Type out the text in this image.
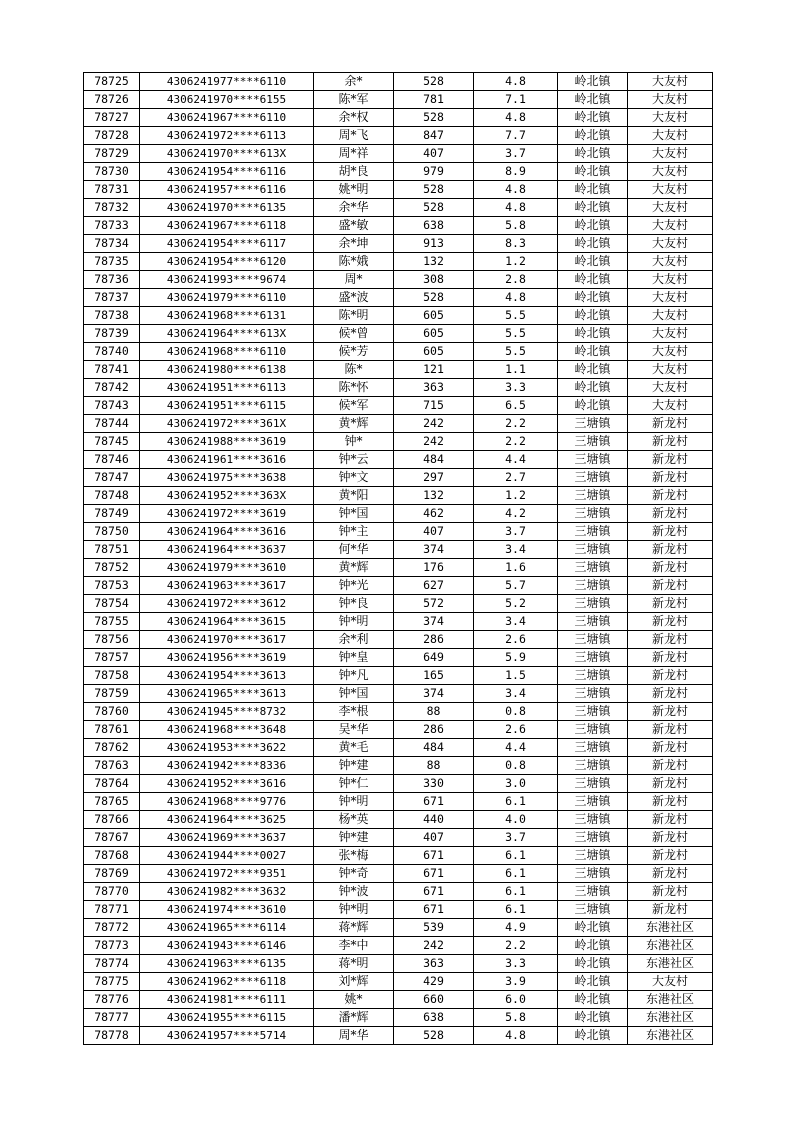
78725	4306241977****6110	余*	528	4.8	岭北镇	大友村
78726	4306241970****6155	陈*军	781	7.1	岭北镇	大友村
78727	4306241967****6110	余*权	528	4.8	岭北镇	大友村
78728	4306241972****6113	周*飞	847	7.7	岭北镇	大友村
78729	4306241970****613X	周*祥	407	3.7	岭北镇	大友村
78730	4306241954****6116	胡*良	979	8.9	岭北镇	大友村
78731	4306241957****6116	姚*明	528	4.8	岭北镇	大友村
78732	4306241970****6135	余*华	528	4.8	岭北镇	大友村
78733	4306241967****6118	盛*敏	638	5.8	岭北镇	大友村
78734	4306241954****6117	余*坤	913	8.3	岭北镇	大友村
78735	4306241954****6120	陈*娥	132	1.2	岭北镇	大友村
78736	4306241993****9674	周*	308	2.8	岭北镇	大友村
78737	4306241979****6110	盛*波	528	4.8	岭北镇	大友村
78738	4306241968****6131	陈*明	605	5.5	岭北镇	大友村
78739	4306241964****613X	候*曾	605	5.5	岭北镇	大友村
78740	4306241968****6110	候*芳	605	5.5	岭北镇	大友村
78741	4306241980****6138	陈*	121	1.1	岭北镇	大友村
78742	4306241951****6113	陈*怀	363	3.3	岭北镇	大友村
78743	4306241951****6115	候*军	715	6.5	岭北镇	大友村
78744	4306241972****361X	黄*辉	242	2.2	三塘镇	新龙村
78745	4306241988****3619	钟*	242	2.2	三塘镇	新龙村
78746	4306241961****3616	钟*云	484	4.4	三塘镇	新龙村
78747	4306241975****3638	钟*文	297	2.7	三塘镇	新龙村
78748	4306241952****363X	黄*阳	132	1.2	三塘镇	新龙村
78749	4306241972****3619	钟*国	462	4.2	三塘镇	新龙村
78750	4306241964****3616	钟*主	407	3.7	三塘镇	新龙村
78751	4306241964****3637	何*华	374	3.4	三塘镇	新龙村
78752	4306241979****3610	黄*辉	176	1.6	三塘镇	新龙村
78753	4306241963****3617	钟*光	627	5.7	三塘镇	新龙村
78754	4306241972****3612	钟*良	572	5.2	三塘镇	新龙村
78755	4306241964****3615	钟*明	374	3.4	三塘镇	新龙村
78756	4306241970****3617	余*利	286	2.6	三塘镇	新龙村
78757	4306241956****3619	钟*皇	649	5.9	三塘镇	新龙村
78758	4306241954****3613	钟*凡	165	1.5	三塘镇	新龙村
78759	4306241965****3613	钟*国	374	3.4	三塘镇	新龙村
78760	4306241945****8732	李*根	88	0.8	三塘镇	新龙村
78761	4306241968****3648	吴*华	286	2.6	三塘镇	新龙村
78762	4306241953****3622	黄*毛	484	4.4	三塘镇	新龙村
78763	4306241942****8336	钟*建	88	0.8	三塘镇	新龙村
78764	4306241952****3616	钟*仁	330	3.0	三塘镇	新龙村
78765	4306241968****9776	钟*明	671	6.1	三塘镇	新龙村
78766	4306241964****3625	杨*英	440	4.0	三塘镇	新龙村
78767	4306241969****3637	钟*建	407	3.7	三塘镇	新龙村
78768	4306241944****0027	张*梅	671	6.1	三塘镇	新龙村
78769	4306241972****9351	钟*奇	671	6.1	三塘镇	新龙村
78770	4306241982****3632	钟*波	671	6.1	三塘镇	新龙村
78771	4306241974****3610	钟*明	671	6.1	三塘镇	新龙村
78772	4306241965****6114	蒋*辉	539	4.9	岭北镇	东港社区
78773	4306241943****6146	李*中	242	2.2	岭北镇	东港社区
78774	4306241963****6135	蒋*明	363	3.3	岭北镇	东港社区
78775	4306241962****6118	刘*辉	429	3.9	岭北镇	大友村
78776	4306241981****6111	姚*	660	6.0	岭北镇	东港社区
78777	4306241955****6115	潘*辉	638	5.8	岭北镇	东港社区
78778	4306241957****5714	周*华	528	4.8	岭北镇	东港社区
